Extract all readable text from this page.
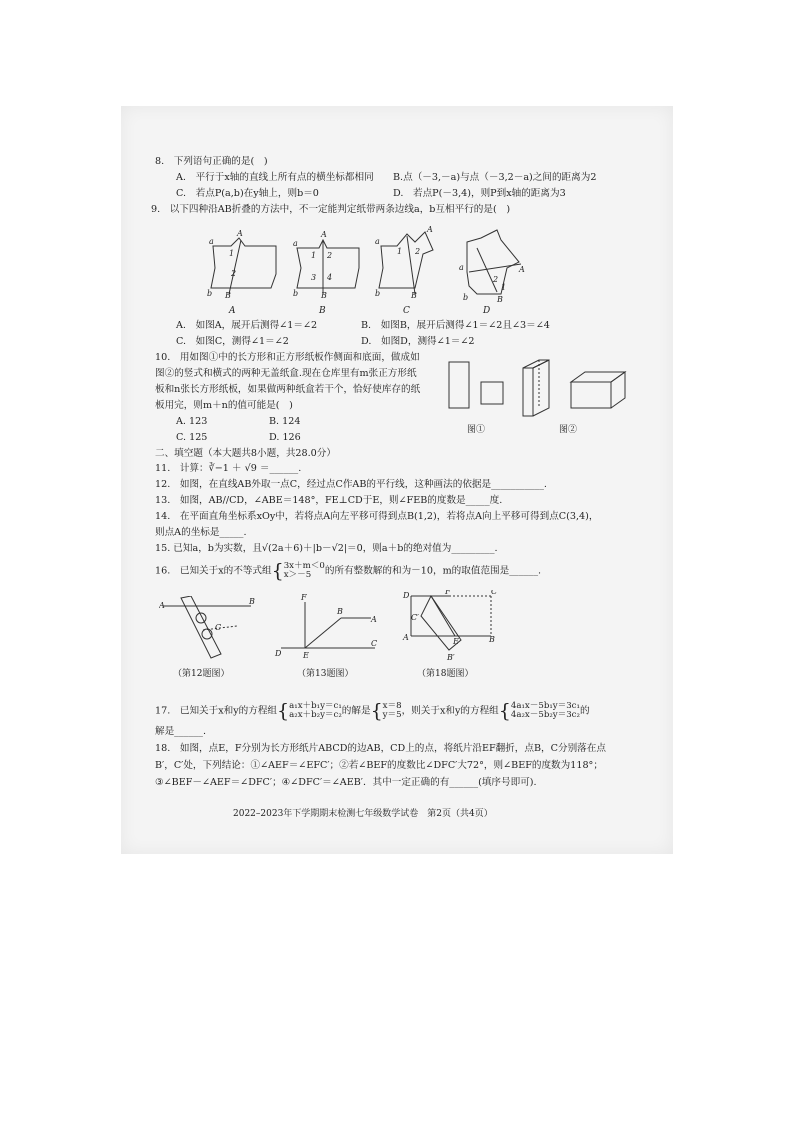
8.　下列语句正确的是(　)
A.　平行于x轴的直线上所有点的横坐标都相同 B.点（－3,－a)与点（－3,2－a)之间的距离为2
C.　若点P(a,b)在y轴上，则b＝0	D.　若点P(－3,4)，则P到x轴的距离为3
9.　以下四种沿AB折叠的方法中，不一定能判定纸带两条边线a，b互相平行的是(　)
a
A
1
2
b B
a
A
1 2
3 4
b	B
a
A
1 2
b	B
a	A
2
1
b	B
A	B	C	D
A.　如图A，展开后测得∠1＝∠2	B.　如图B，展开后测得∠1＝∠2且∠3＝∠4
C.　如图C，测得∠1＝∠2	D.　如图D，测得∠1＝∠2
10.　用如图①中的长方形和正方形纸板作侧面和底面，做成如
图②的竖式和横式的两种无盖纸盒.现在仓库里有m张正方形纸
板和n张长方形纸板，如果做两种纸盒若干个，恰好使库存的纸
板用完，则m＋n的值可能是(　)
A. 123	B. 124
C. 125	D. 126
图①	图②
二、填空题（本大题共8小题，共28.0分）
11.　计算：∛−1 ＋ √9 ＝______.
12.　如图，在直线AB外取一点C，经过点C作AB的平行线，这种画法的依据是___________.
13.　如图，AB//CD，∠ABE＝148°，FE⊥CD于E，则∠FEB的度数是_____度.
14.　在平面直角坐标系xOy中，若将点A向左平移可得到点B(1,2)，若将点A向上平移可得到点C(3,4)，
则点A的坐标是_____.
15. 已知a，b为实数，且√(2a＋6)＋|b－√2|＝0，则a＋b的绝对值为_________.
16.　已知关于x的不等式组{3x＋m＜0
x＞－5 的所有整数解的和为－10，m的取值范围是______.
A	B
C
F
B
A
D	E
C
D	F	C
C′
A	E	B
B′
（第12题图）	（第13题图）	（第18题图）
17.　已知关于x和y的方程组{a₁x＋b₁y＝c₁
a₂x＋b₂y＝c₂的解是{x＝8
y＝5，则关于x和y的方程组{4a₁x－5b₁y＝3c₁
4a₂x－5b₂y＝3c₂的
解是______.
18.　如图，点E，F分别为长方形纸片ABCD的边AB，CD上的点，将纸片沿EF翻折，点B，C分别落在点
B′，C′处，下列结论：①∠AEF＝∠EFC′；②若∠BEF的度数比∠DFC′大72°，则∠BEF的度数为118°；
③∠BEF－∠AEF＝∠DFC′；④∠DFC′＝∠AEB′．其中一定正确的有______(填序号即可).
2022–2023年下学期期末检测七年级数学试卷　第2页（共4页）
